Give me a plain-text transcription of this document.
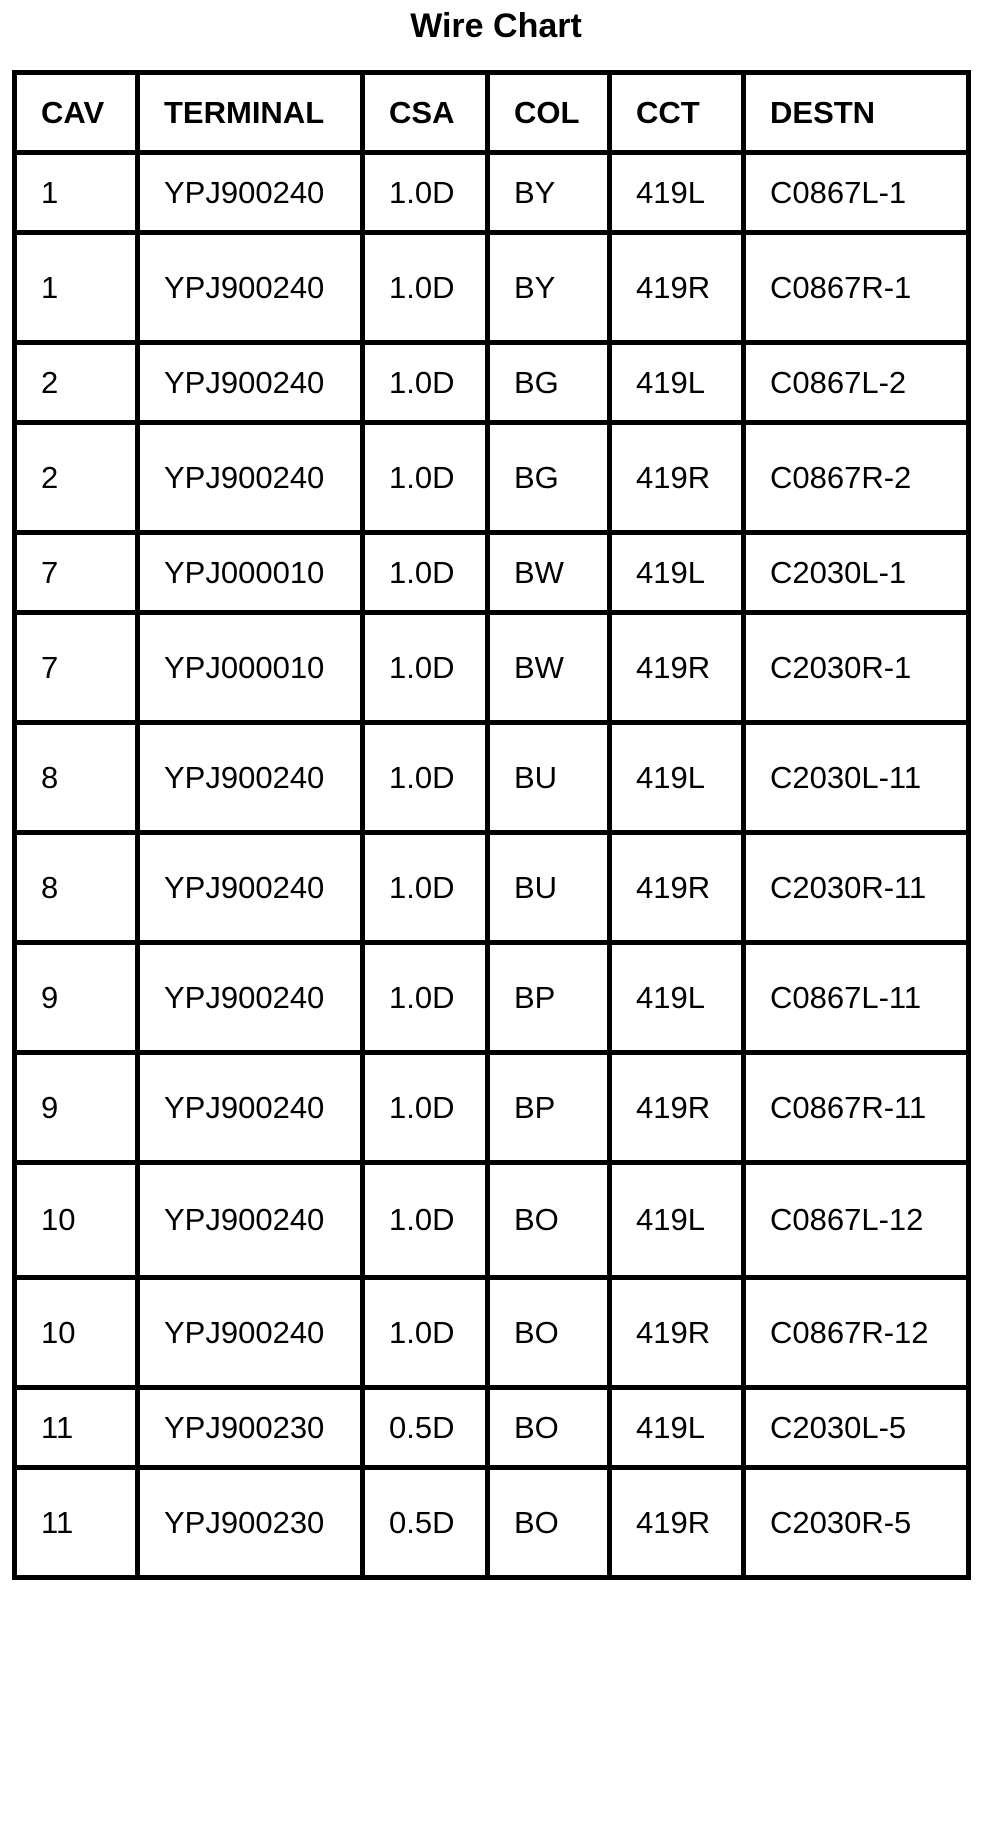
Wire Chart
CAV	TERMINAL	CSA	COL	CCT	DESTN
1	YPJ900240	1.0D	BY	419L	C0867L-1
1	YPJ900240	1.0D	BY	419R	C0867R-1
2	YPJ900240	1.0D	BG	419L	C0867L-2
2	YPJ900240	1.0D	BG	419R	C0867R-2
7	YPJ000010	1.0D	BW	419L	C2030L-1
7	YPJ000010	1.0D	BW	419R	C2030R-1
8	YPJ900240	1.0D	BU	419L	C2030L-11
8	YPJ900240	1.0D	BU	419R	C2030R-11
9	YPJ900240	1.0D	BP	419L	C0867L-11
9	YPJ900240	1.0D	BP	419R	C0867R-11
10	YPJ900240	1.0D	BO	419L	C0867L-12
10	YPJ900240	1.0D	BO	419R	C0867R-12
11	YPJ900230	0.5D	BO	419L	C2030L-5
11	YPJ900230	0.5D	BO	419R	C2030R-5
